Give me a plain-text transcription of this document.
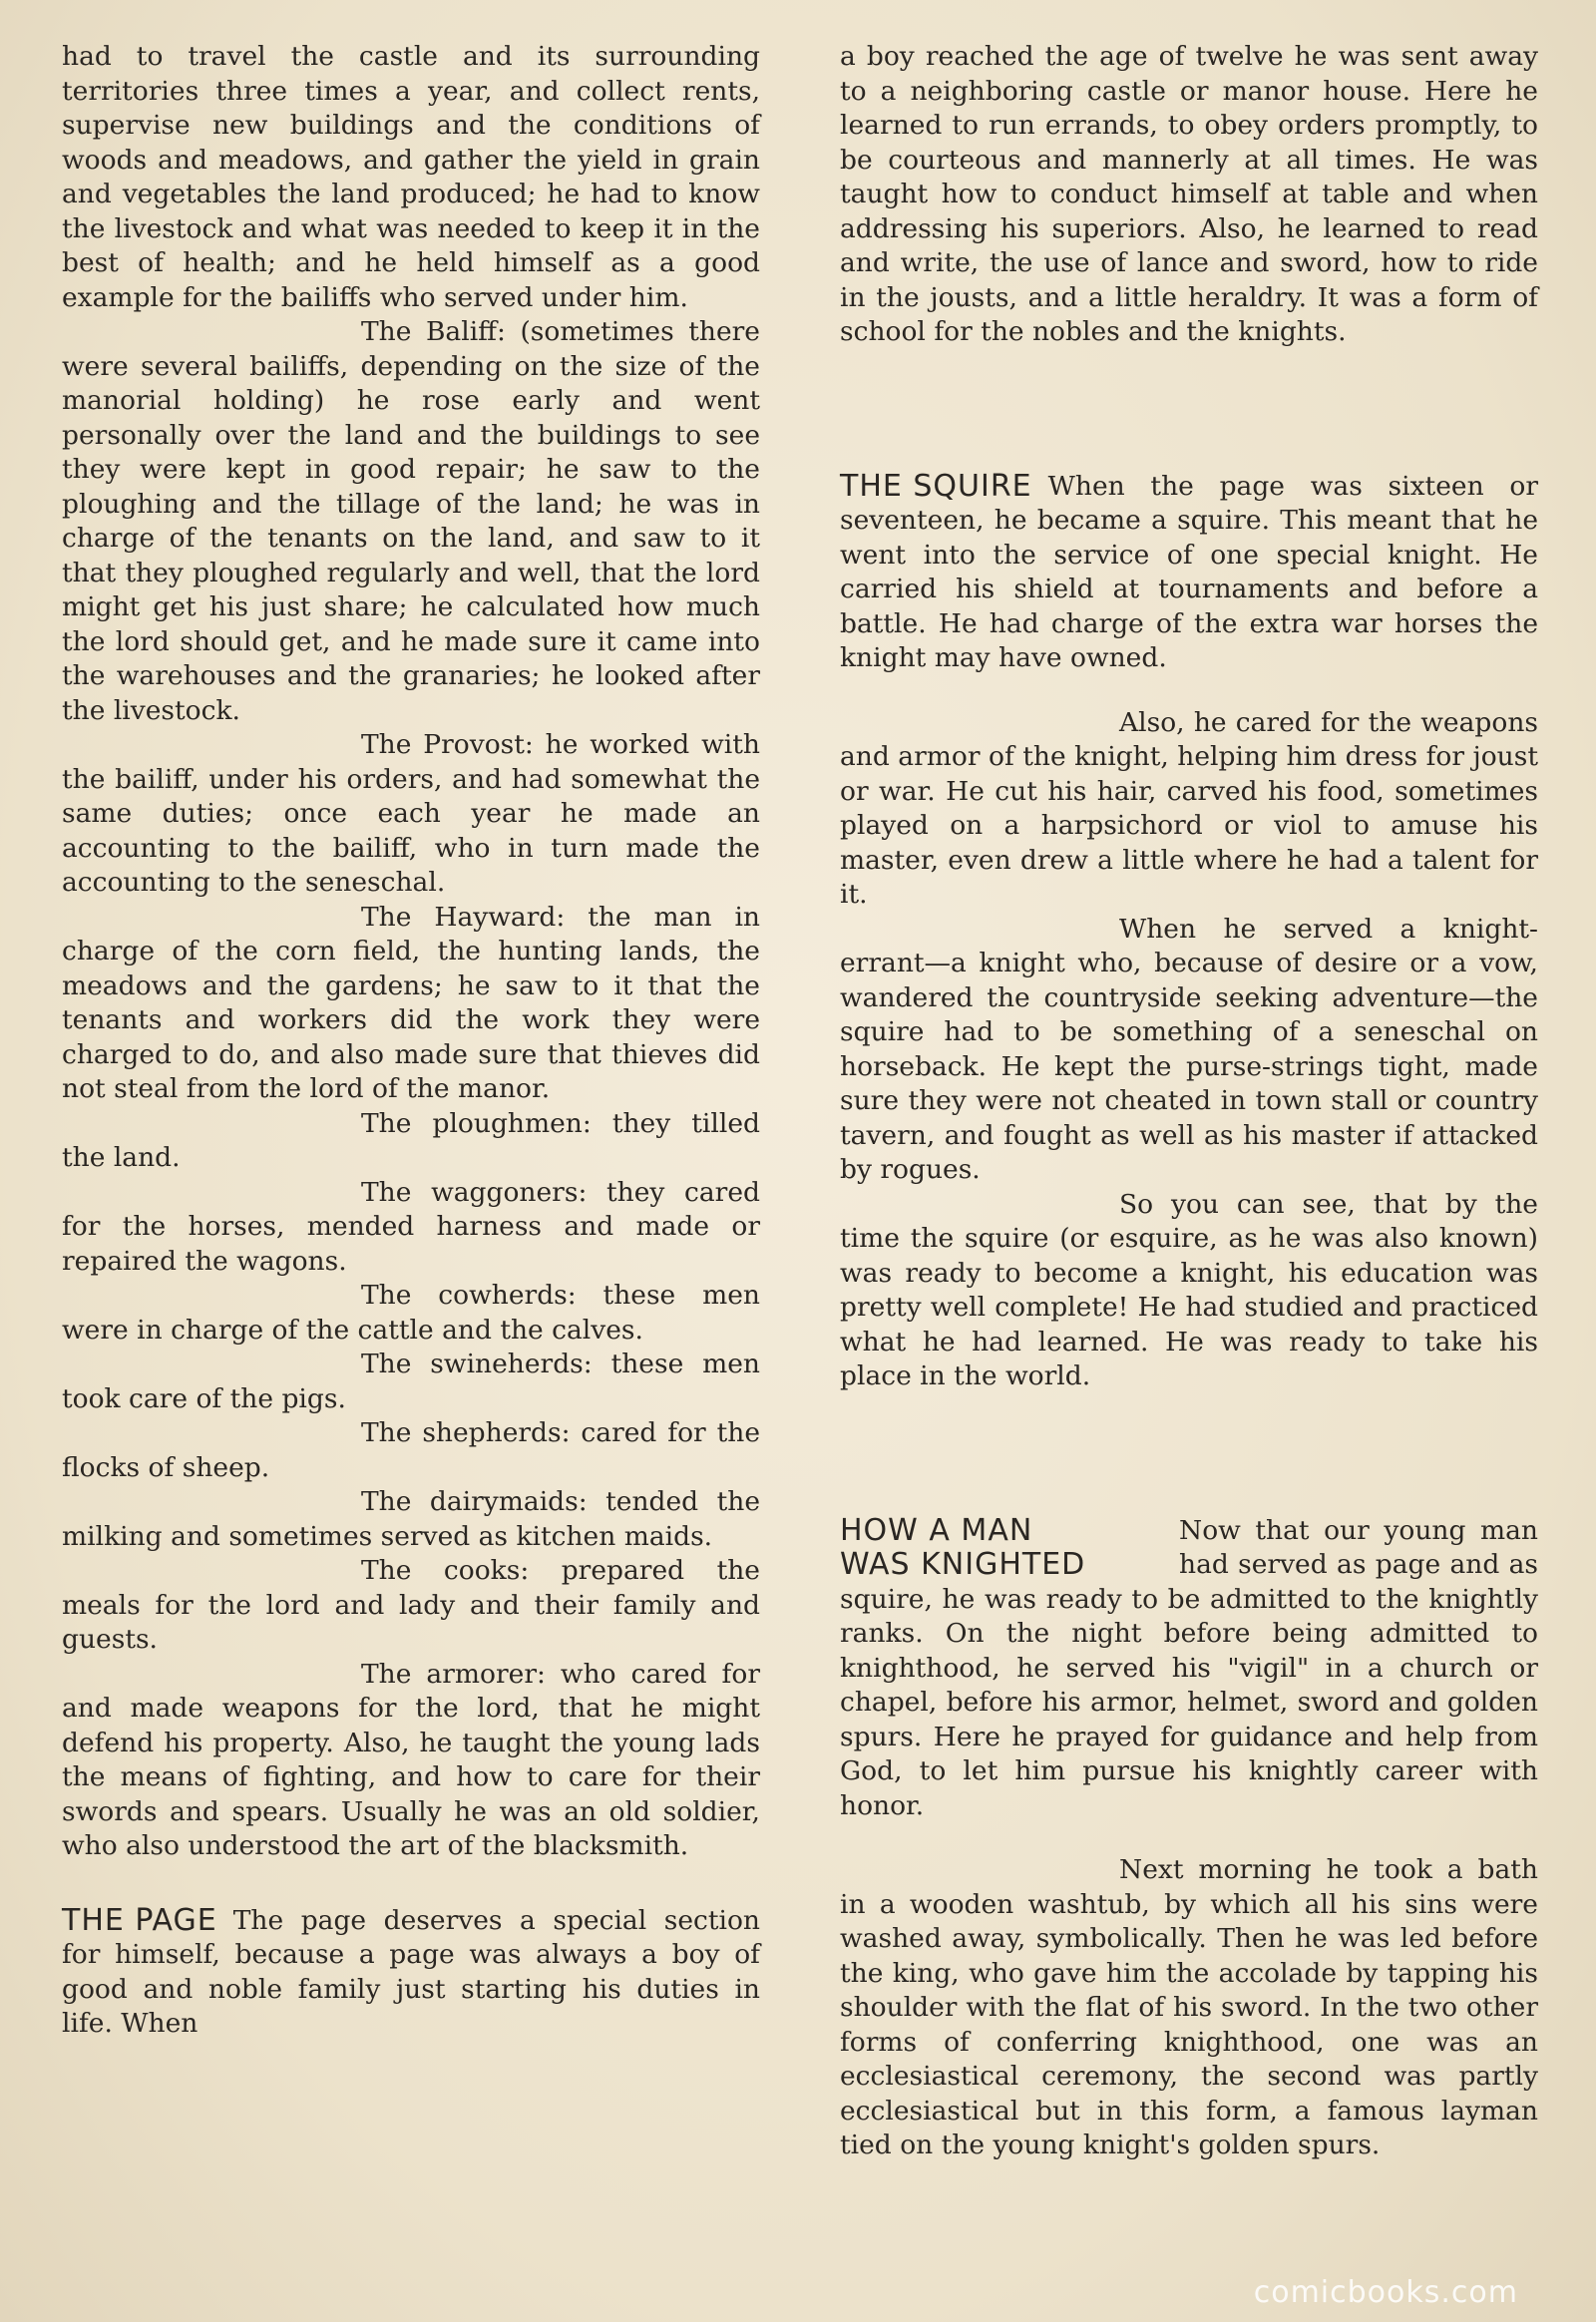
had to travel the castle and its surrounding territories three times a year, and collect rents, supervise new buildings and the conditions of woods and meadows, and gather the yield in grain and vegetables the land produced; he had to know the livestock and what was needed to keep it in the best of health; and he held himself as a good example for the bailiffs who served under him.

The Baliff: (sometimes there were several bailiffs, depending on the size of the manorial holding) he rose early and went personally over the land and the buildings to see they were kept in good repair; he saw to the ploughing and the tillage of the land; he was in charge of the tenants on the land, and saw to it that they ploughed regularly and well, that the lord might get his just share; he calculated how much the lord should get, and he made sure it came into the warehouses and the granaries; he looked after the livestock.

The Provost: he worked with the bailiff, under his orders, and had somewhat the same duties; once each year he made an accounting to the bailiff, who in turn made the accounting to the seneschal.

The Hayward: the man in charge of the corn field, the hunting lands, the meadows and the gardens; he saw to it that the tenants and workers did the work they were charged to do, and also made sure that thieves did not steal from the lord of the manor.

The ploughmen: they tilled the land.

The waggoners: they cared for the horses, mended harness and made or repaired the wagons.

The cowherds: these men were in charge of the cattle and the calves.

The swineherds: these men took care of the pigs.

The shepherds: cared for the flocks of sheep.

The dairymaids: tended the milking and sometimes served as kitchen maids.

The cooks: prepared the meals for the lord and lady and their family and guests.

The armorer: who cared for and made weapons for the lord, that he might defend his property. Also, he taught the young lads the means of fighting, and how to care for their swords and spears. Usually he was an old soldier, who also understood the art of the blacksmith.

THE PAGE The page deserves a special section for himself, because a page was always a boy of good and noble family just starting his duties in life. When

a boy reached the age of twelve he was sent away to a neighboring castle or manor house. Here he learned to run errands, to obey orders promptly, to be courteous and mannerly at all times. He was taught how to conduct himself at table and when addressing his superiors. Also, he learned to read and write, the use of lance and sword, how to ride in the jousts, and a little heraldry. It was a form of school for the nobles and the knights.

THE SQUIRE When the page was sixteen or seventeen, he became a squire. This meant that he went into the service of one special knight. He carried his shield at tournaments and before a battle. He had charge of the extra war horses the knight may have owned.

Also, he cared for the weapons and armor of the knight, helping him dress for joust or war. He cut his hair, carved his food, sometimes played on a harpsichord or viol to amuse his master, even drew a little where he had a talent for it.

When he served a knight-errant—a knight who, because of desire or a vow, wandered the countryside seeking adventure—the squire had to be something of a seneschal on horseback. He kept the purse-strings tight, made sure they were not cheated in town stall or country tavern, and fought as well as his master if attacked by rogues.

So you can see, that by the time the squire (or esquire, as he was also known) was ready to become a knight, his education was pretty well complete! He had studied and practiced what he had learned. He was ready to take his place in the world.

HOW A MAN
WAS KNIGHTED

Now that our young man had served as page and as squire, he was ready to be admitted to the knightly ranks. On the night before being admitted to knighthood, he served his "vigil" in a church or chapel, before his armor, helmet, sword and golden spurs. Here he prayed for guidance and help from God, to let him pursue his knightly career with honor.

Next morning he took a bath in a wooden washtub, by which all his sins were washed away, symbolically. Then he was led before the king, who gave him the accolade by tapping his shoulder with the flat of his sword. In the two other forms of conferring knighthood, one was an ecclesiastical ceremony, the second was partly ecclesiastical but in this form, a famous layman tied on the young knight's golden spurs.

comicbooks.com
